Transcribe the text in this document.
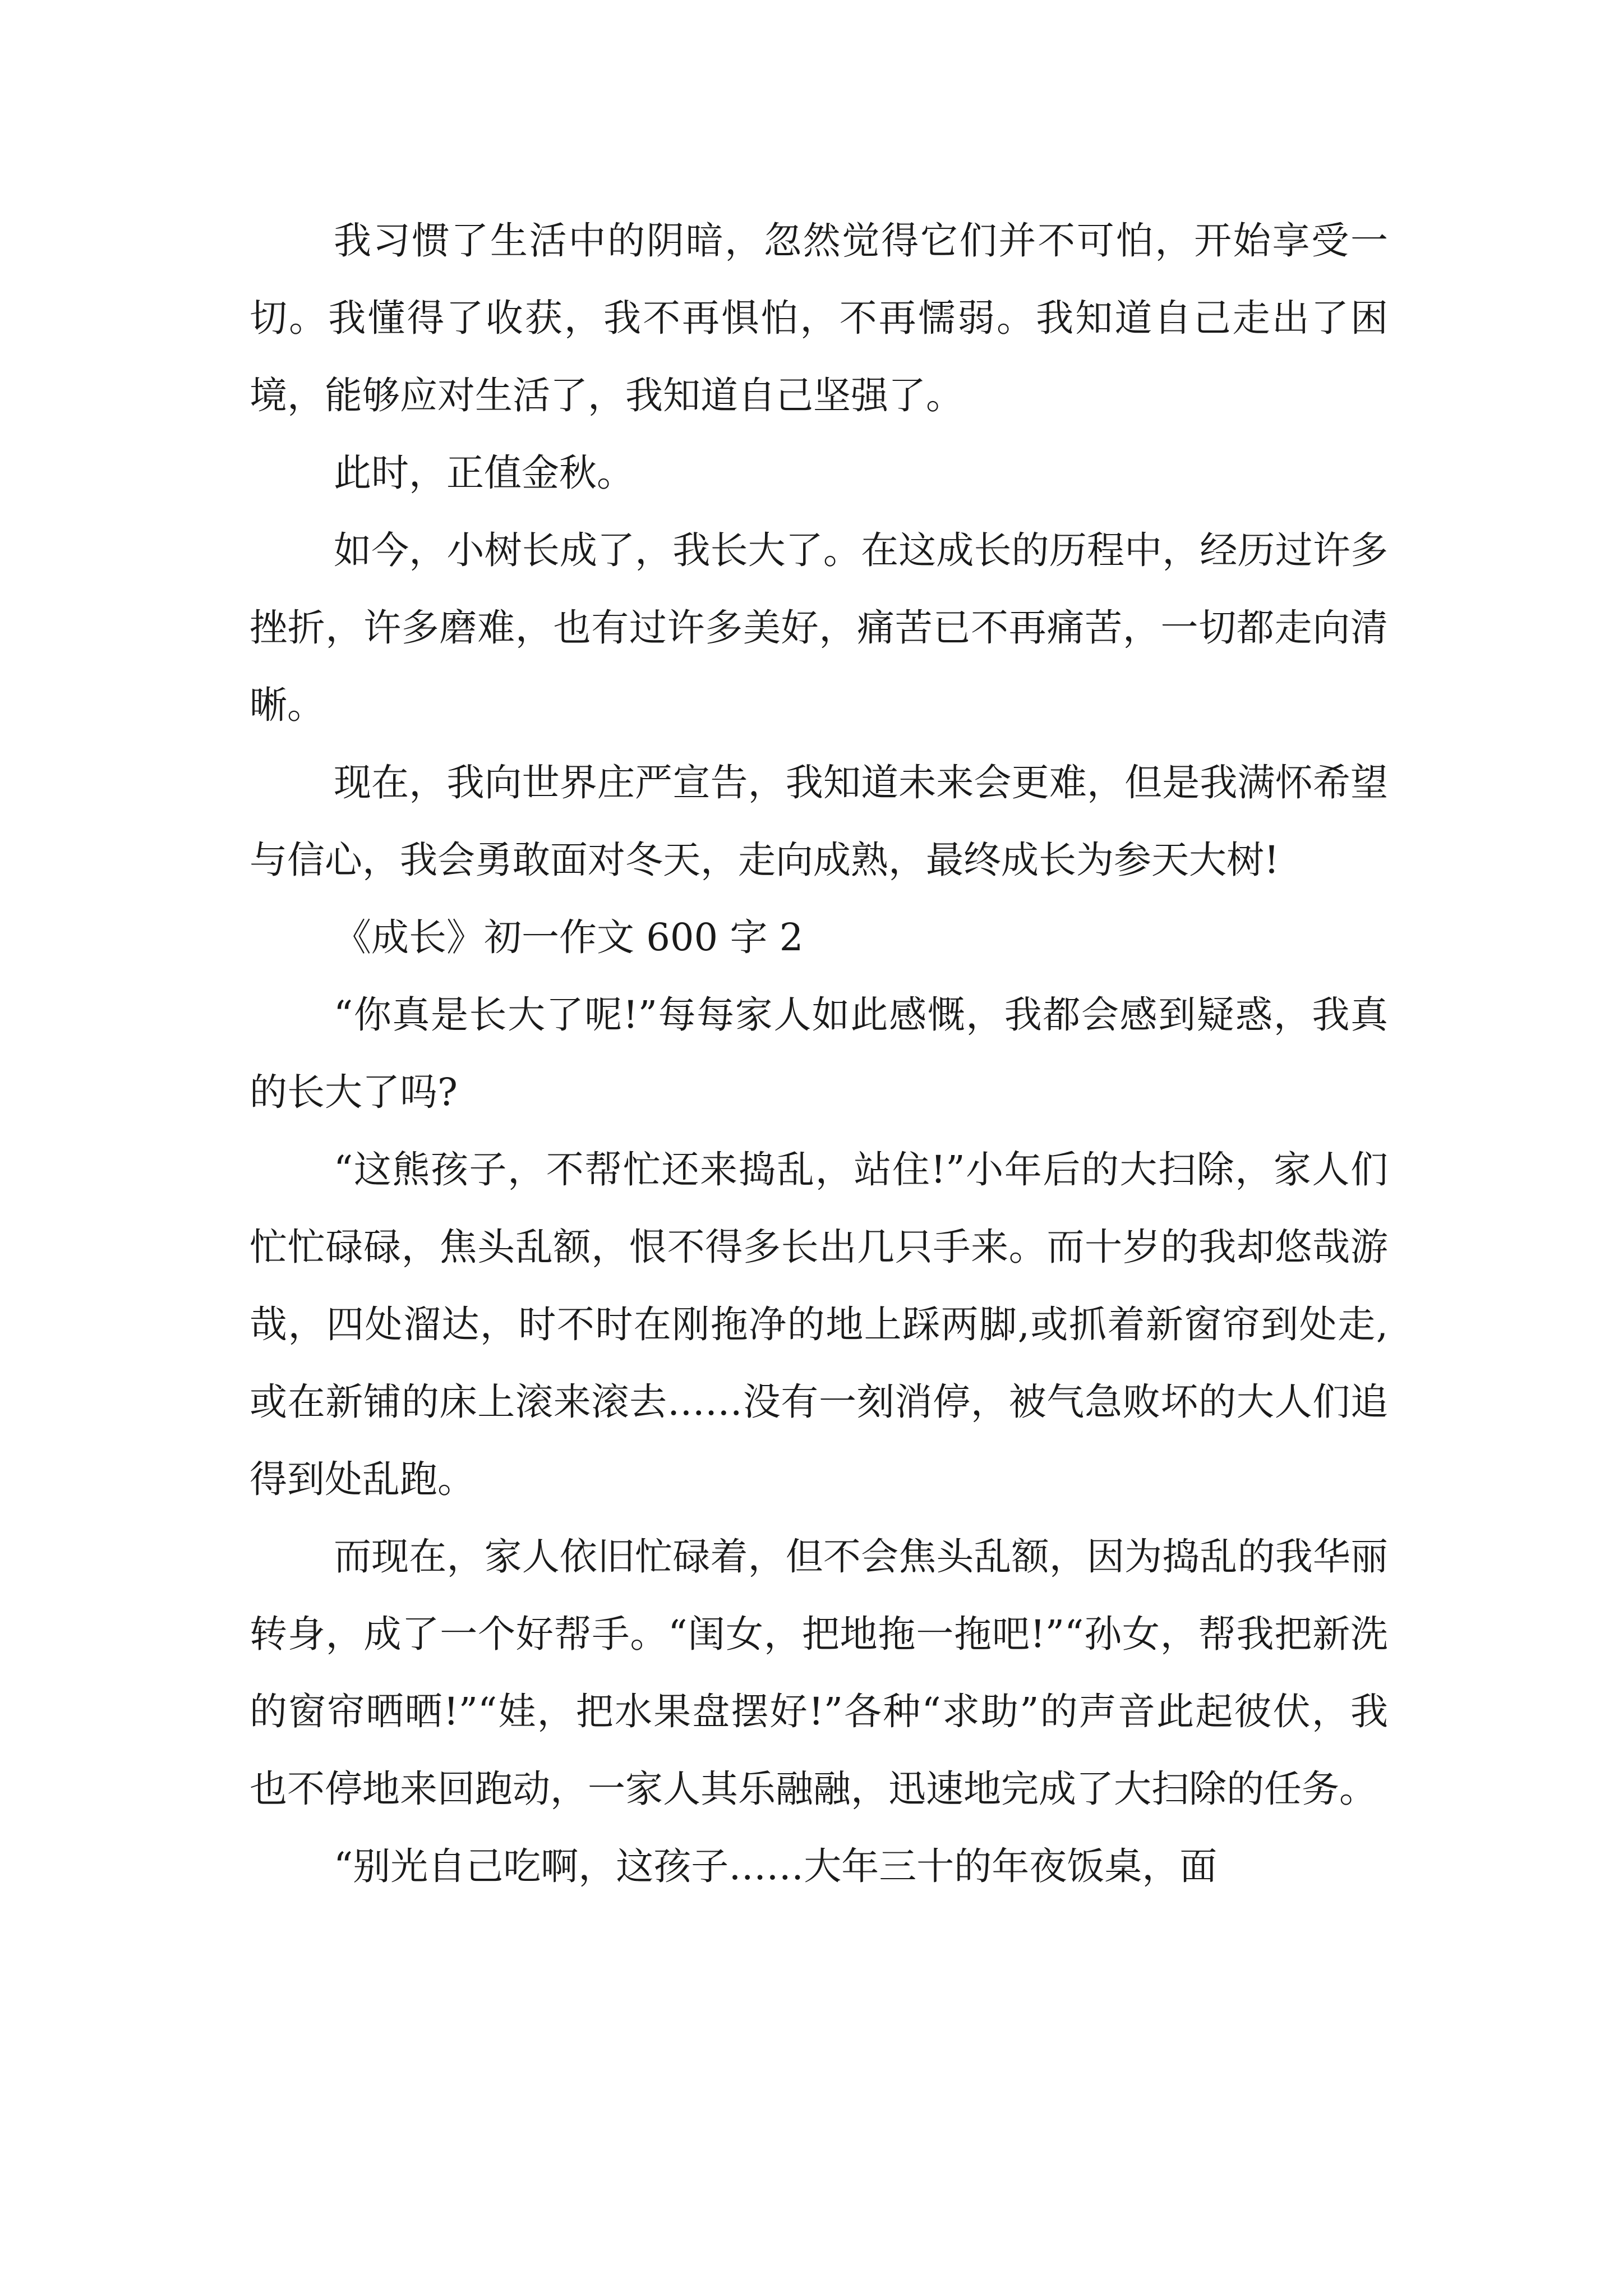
我习惯了生活中的阴暗，忽然觉得它们并不可怕，开始享受一切。我懂得了收获，我不再惧怕，不再懦弱。我知道自己走出了困境，能够应对生活了，我知道自己坚强了。

此时，正值金秋。

如今，小树长成了，我长大了。在这成长的历程中，经历过许多挫折，许多磨难，也有过许多美好，痛苦已不再痛苦，一切都走向清晰。

现在，我向世界庄严宣告，我知道未来会更难，但是我满怀希望与信心，我会勇敢面对冬天，走向成熟，最终成长为参天大树!

《成长》初一作文 600 字 2

“你真是长大了呢!”每每家人如此感慨，我都会感到疑惑，我真的长大了吗?

“这熊孩子，不帮忙还来捣乱，站住!”小年后的大扫除，家人们忙忙碌碌，焦头乱额，恨不得多长出几只手来。而十岁的我却悠哉游哉，四处溜达，时不时在刚拖净的地上踩两脚,或抓着新窗帘到处走,或在新铺的床上滚来滚去……没有一刻消停，被气急败坏的大人们追得到处乱跑。

而现在，家人依旧忙碌着，但不会焦头乱额，因为捣乱的我华丽转身，成了一个好帮手。“闺女，把地拖一拖吧!”“孙女，帮我把新洗的窗帘晒晒!”“娃，把水果盘摆好!”各种“求助”的声音此起彼伏，我也不停地来回跑动，一家人其乐融融，迅速地完成了大扫除的任务。

“别光自己吃啊，这孩子……大年三十的年夜饭桌，面
